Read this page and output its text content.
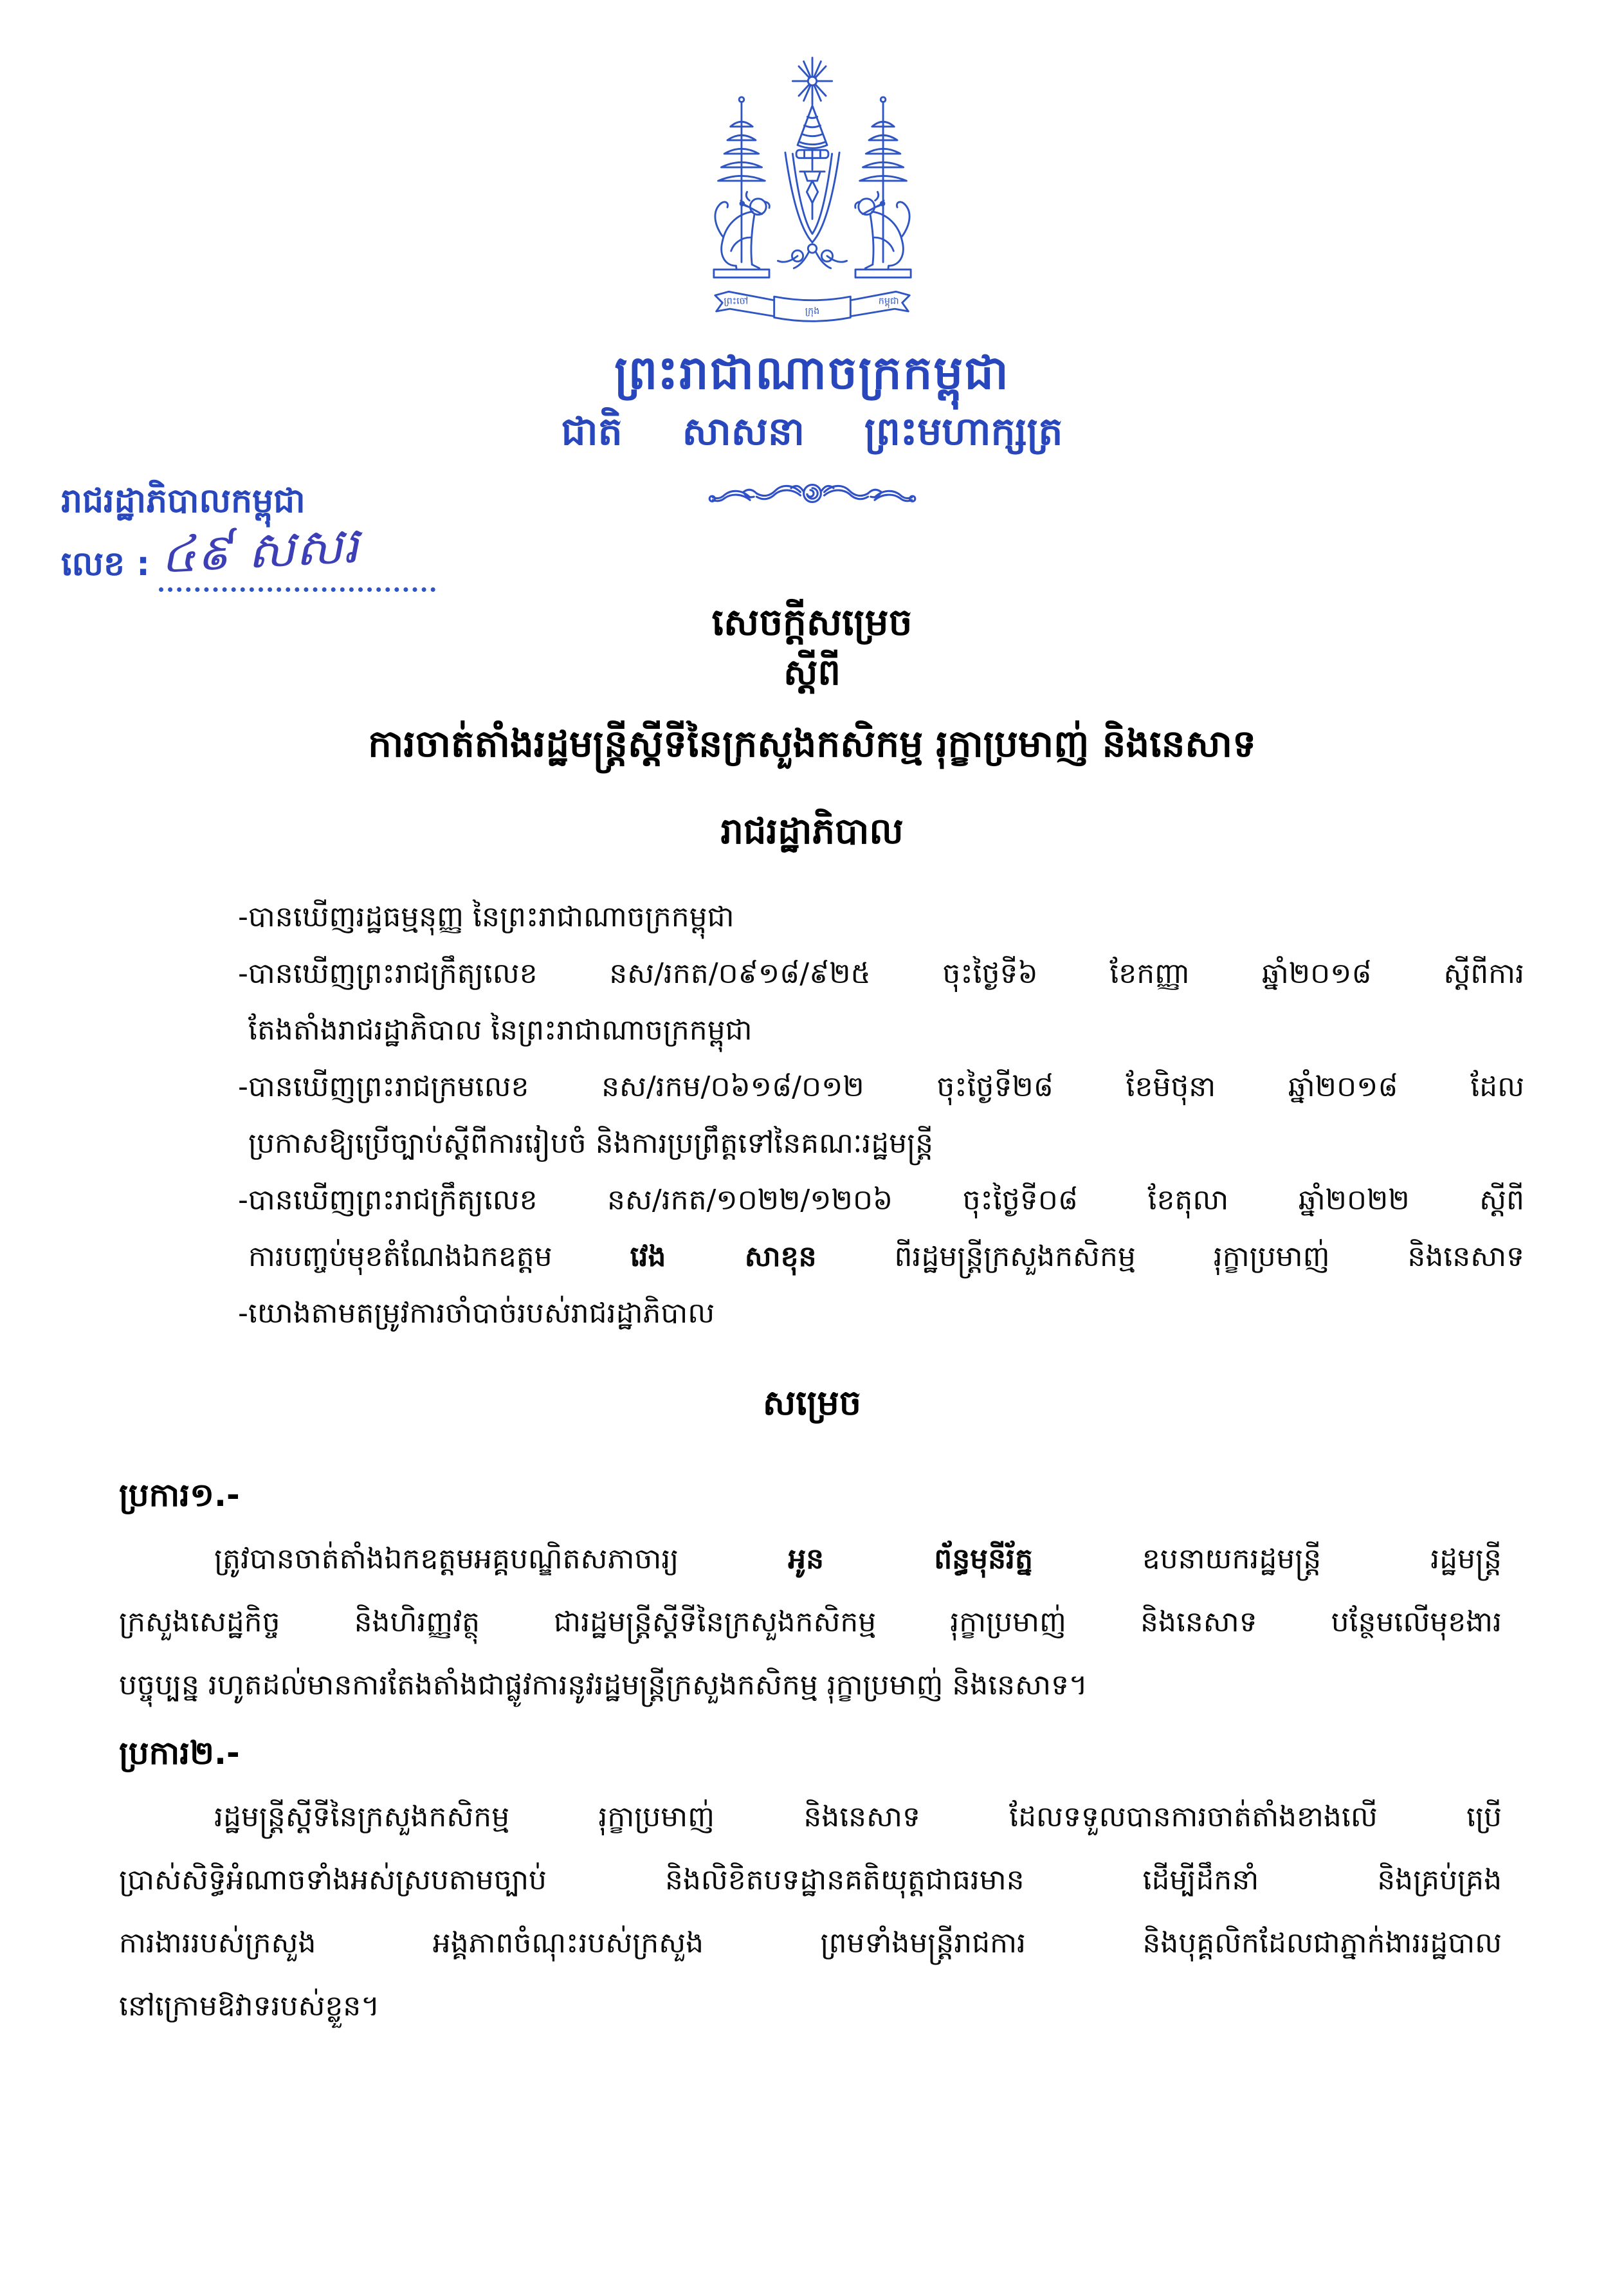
ព្រះចៅ
ក្រុង
កម្ពុជា
ព្រះរាជាណាចក្រកម្ពុជា
ជាតិ សាសនា ព្រះមហាក្សត្រ
រាជរដ្ឋាភិបាលកម្ពុជា
លេខ : ៤៩ សសរ
សេចក្តីសម្រេច
ស្តីពី
ការចាត់តាំងរដ្ឋមន្ត្រីស្តីទីនៃក្រសួងកសិកម្ម រុក្ខាប្រមាញ់ និងនេសាទ
រាជរដ្ឋាភិបាល
-បានឃើញរដ្ឋធម្មនុញ្ញ នៃព្រះរាជាណាចក្រកម្ពុជា
-បានឃើញព្រះរាជក្រឹត្យលេខ នស/រកត/០៩១៨/៩២៥ ចុះថ្ងៃទី៦ ខែកញ្ញា ឆ្នាំ២០១៨ ស្តីពីការ
តែងតាំងរាជរដ្ឋាភិបាល នៃព្រះរាជាណាចក្រកម្ពុជា
-បានឃើញព្រះរាជក្រមលេខ នស/រកម/០៦១៨/០១២ ចុះថ្ងៃទី២៨ ខែមិថុនា ឆ្នាំ២០១៨ ដែល
ប្រកាសឱ្យប្រើច្បាប់ស្តីពីការរៀបចំ និងការប្រព្រឹត្តទៅនៃគណៈរដ្ឋមន្ត្រី
-បានឃើញព្រះរាជក្រឹត្យលេខ នស/រកត/១០២២/១២០៦ ចុះថ្ងៃទី០៨ ខែតុលា ឆ្នាំ២០២២ ស្តីពី
ការបញ្ចប់មុខតំណែងឯកឧត្តម វេង សាខុន ពីរដ្ឋមន្ត្រីក្រសួងកសិកម្ម រុក្ខាប្រមាញ់ និងនេសាទ
-យោងតាមតម្រូវការចាំបាច់របស់រាជរដ្ឋាភិបាល
សម្រេច
ប្រការ១.-
ត្រូវបានចាត់តាំងឯកឧត្តមអគ្គបណ្ឌិតសភាចារ្យ អូន ព័ន្ធមុនីរ័ត្ន ឧបនាយករដ្ឋមន្ត្រី រដ្ឋមន្ត្រី
ក្រសួងសេដ្ឋកិច្ច និងហិរញ្ញវត្ថុ ជារដ្ឋមន្ត្រីស្តីទីនៃក្រសួងកសិកម្ម រុក្ខាប្រមាញ់ និងនេសាទ បន្ថែមលើមុខងារ
បច្ចុប្បន្ន រហូតដល់មានការតែងតាំងជាផ្លូវការនូវរដ្ឋមន្ត្រីក្រសួងកសិកម្ម រុក្ខាប្រមាញ់ និងនេសាទ។
ប្រការ២.-
រដ្ឋមន្ត្រីស្តីទីនៃក្រសួងកសិកម្ម រុក្ខាប្រមាញ់ និងនេសាទ ដែលទទួលបានការចាត់តាំងខាងលើ ប្រើ
ប្រាស់សិទ្ធិអំណាចទាំងអស់ស្របតាមច្បាប់ និងលិខិតបទដ្ឋានគតិយុត្តជាធរមាន ដើម្បីដឹកនាំ និងគ្រប់គ្រង
ការងាររបស់ក្រសួង អង្គភាពចំណុះរបស់ក្រសួង ព្រមទាំងមន្ត្រីរាជការ និងបុគ្គលិកដែលជាភ្នាក់ងាររដ្ឋបាល
នៅក្រោមឱវាទរបស់ខ្លួន។
